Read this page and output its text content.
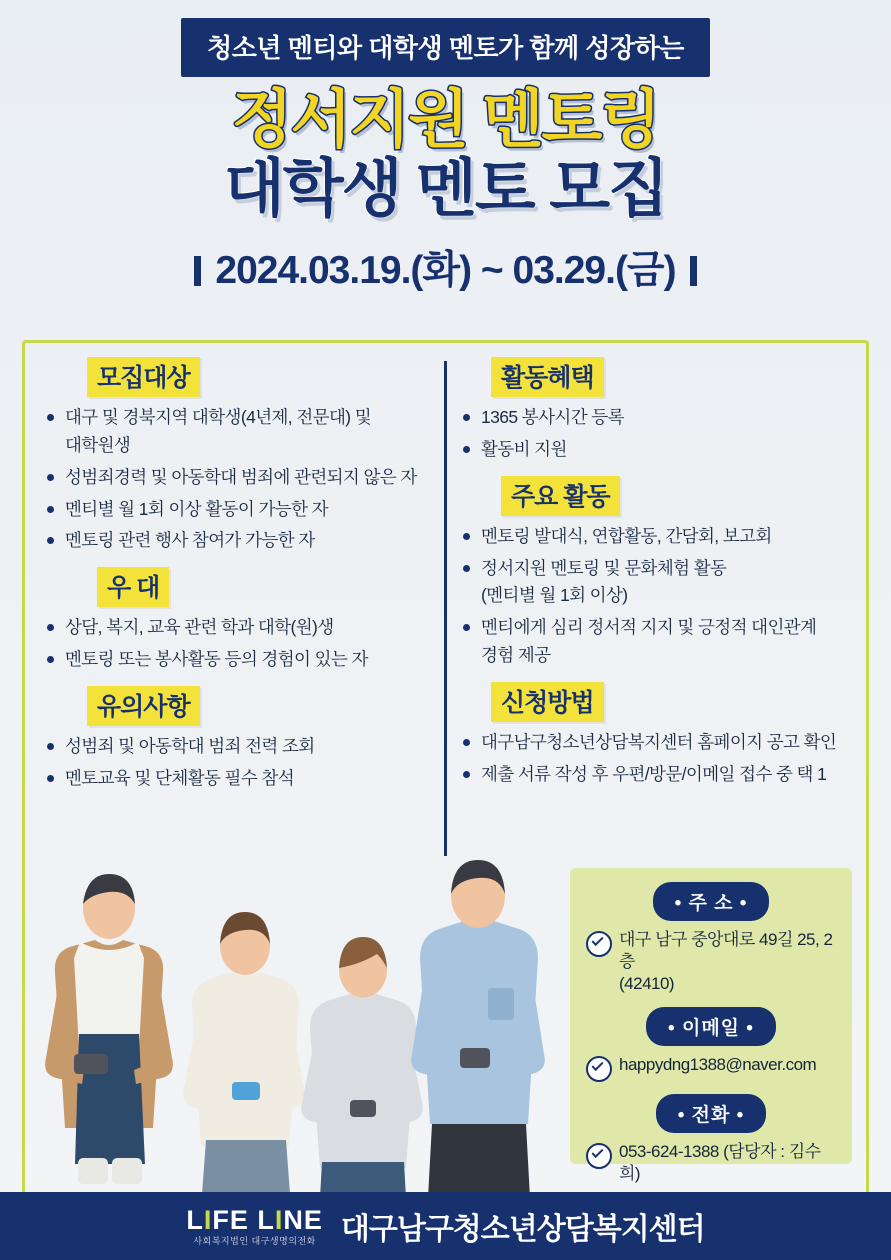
청소년 멘티와 대학생 멘토가 함께 성장하는
정서지원 멘토링
대학생 멘토 모집
2024.03.19.(화) ~ 03.29.(금)
모집대상
대구 및 경북지역 대학생(4년제, 전문대) 및
대학원생
성범죄경력 및 아동학대 범죄에 관련되지 않은 자
멘티별 월 1회 이상 활동이 가능한 자
멘토링 관련 행사 참여가 가능한 자
우 대
상담, 복지, 교육 관련 학과 대학(원)생
멘토링 또는 봉사활동 등의 경험이 있는 자
유의사항
성범죄 및 아동학대 범죄 전력 조회
멘토교육 및 단체활동 필수 참석
활동혜택
1365 봉사시간 등록
활동비 지원
주요 활동
멘토링 발대식, 연합활동, 간담회, 보고회
정서지원 멘토링 및 문화체험 활동
(멘티별 월 1회 이상)
멘티에게 심리 정서적 지지 및 긍정적 대인관계
경험 제공
신청방법
대구남구청소년상담복지센터 홈페이지 공고 확인
제출 서류 작성 후 우편/방문/이메일 접수 중 택 1
• 주 소 •
대구 남구 중앙대로 49길 25, 2층
(42410)
• 이메일 •
happydng1388@naver.com
• 전화 •
053-624-1388 (담당자 : 김수희)
LIFE LINE
사회복지법인 대구생명의전화 대구남구청소년상담복지센터
